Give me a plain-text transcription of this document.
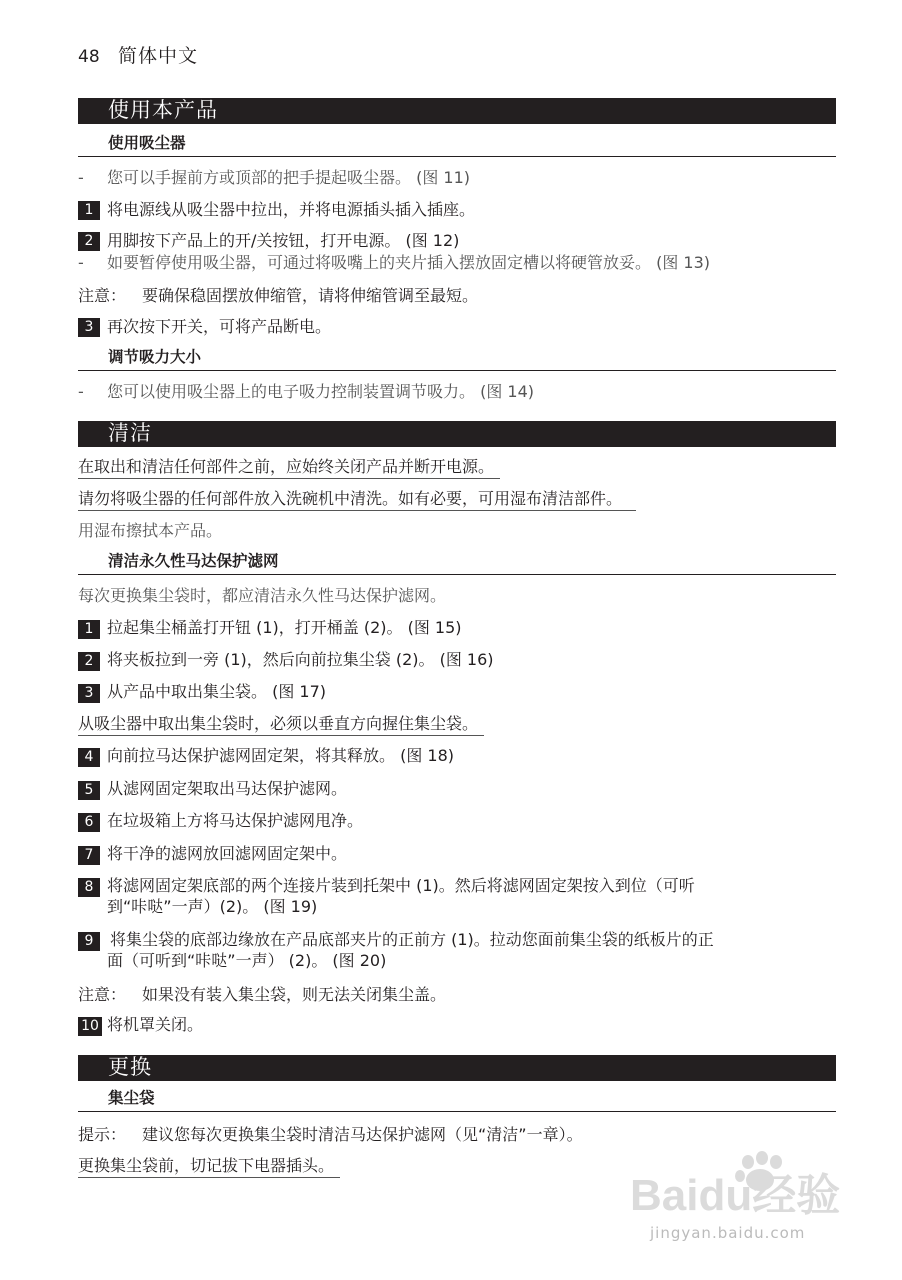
48 简体中文
使用本产品
使用吸尘器
- 您可以手握前方或顶部的把手提起吸尘器。 (图 11)
1 将电源线从吸尘器中拉出，并将电源插头插入插座。
2 用脚按下产品上的开/关按钮，打开电源。 (图 12)
- 如要暂停使用吸尘器，可通过将吸嘴上的夹片插入摆放固定槽以将硬管放妥。 (图 13)
注意： 要确保稳固摆放伸缩管，请将伸缩管调至最短。
3 再次按下开关，可将产品断电。
调节吸力大小
- 您可以使用吸尘器上的电子吸力控制装置调节吸力。 (图 14)
清洁
在取出和清洁任何部件之前，应始终关闭产品并断开电源。
请勿将吸尘器的任何部件放入洗碗机中清洗。如有必要，可用湿布清洁部件。
用湿布擦拭本产品。
清洁永久性马达保护滤网
每次更换集尘袋时，都应清洁永久性马达保护滤网。
1 拉起集尘桶盖打开钮 (1)，打开桶盖 (2)。 (图 15)
2 将夹板拉到一旁 (1)，然后向前拉集尘袋 (2)。 (图 16)
3 从产品中取出集尘袋。 (图 17)
从吸尘器中取出集尘袋时，必须以垂直方向握住集尘袋。
4 向前拉马达保护滤网固定架，将其释放。 (图 18)
5 从滤网固定架取出马达保护滤网。
6 在垃圾箱上方将马达保护滤网甩净。
7 将干净的滤网放回滤网固定架中。
8 将滤网固定架底部的两个连接片装到托架中 (1)。然后将滤网固定架按入到位（可听
到“咔哒”一声）(2)。 (图 19)
9	将集尘袋的底部边缘放在产品底部夹片的正前方 (1)。拉动您面前集尘袋的纸板片的正
面（可听到“咔哒”一声） (2)。 (图 20)
注意： 如果没有装入集尘袋，则无法关闭集尘盖。
10 将机罩关闭。
更换
集尘袋
提示： 建议您每次更换集尘袋时清洁马达保护滤网（见“清洁”一章）。
更换集尘袋前，切记拔下电器插头。
Baidu经验
jingyan.baidu.com
